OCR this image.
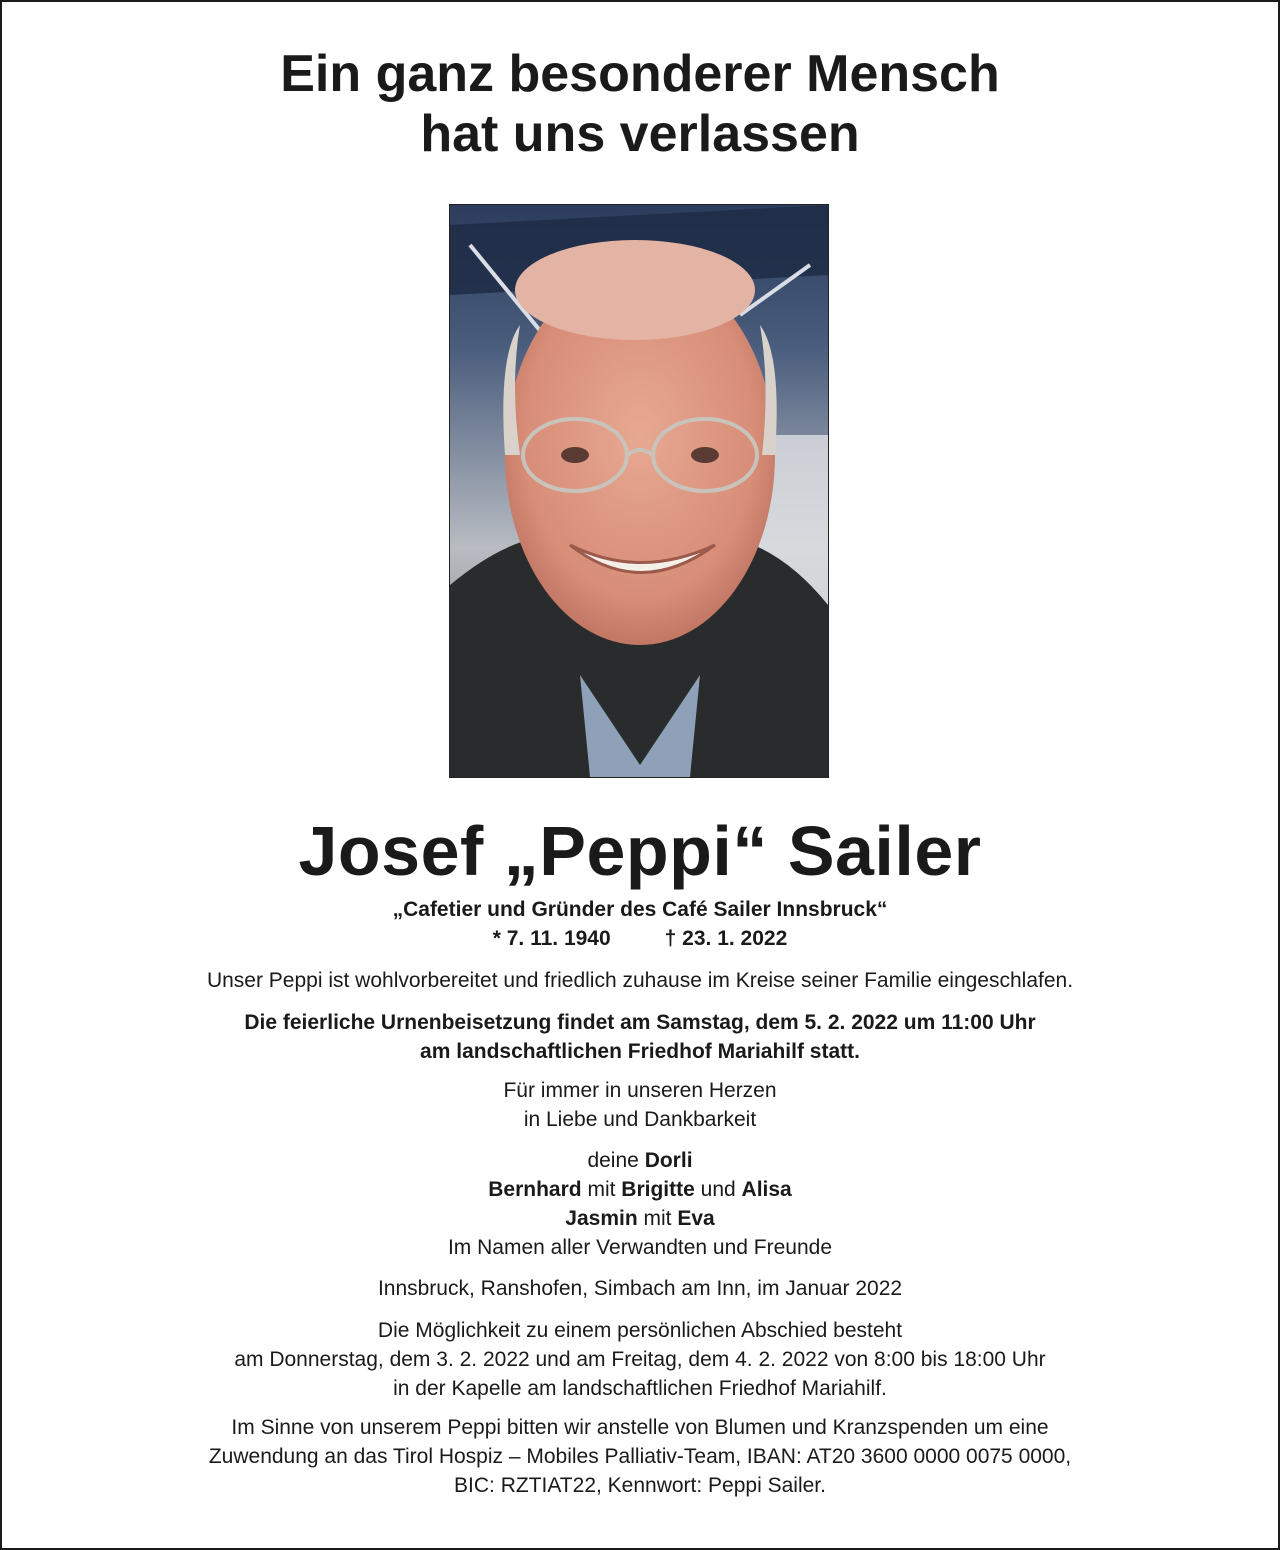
Ein ganz besonderer Mensch
hat uns verlassen
Josef „Peppi“ Sailer
„Cafetier und Gründer des Café Sailer Innsbruck“
* 7. 11. 1940	† 23. 1. 2022
Unser Peppi ist wohlvorbereitet und friedlich zuhause im Kreise seiner Familie eingeschlafen.
Die feierliche Urnenbeisetzung findet am Samstag, dem 5. 2. 2022 um 11:00 Uhr
am landschaftlichen Friedhof Mariahilf statt.
Für immer in unseren Herzen
in Liebe und Dankbarkeit
deine Dorli
Bernhard mit Brigitte und Alisa
Jasmin mit Eva
Im Namen aller Verwandten und Freunde
Innsbruck, Ranshofen, Simbach am Inn, im Januar 2022
Die Möglichkeit zu einem persönlichen Abschied besteht
am Donnerstag, dem 3. 2. 2022 und am Freitag, dem 4. 2. 2022 von 8:00 bis 18:00 Uhr
in der Kapelle am landschaftlichen Friedhof Mariahilf.
Im Sinne von unserem Peppi bitten wir anstelle von Blumen und Kranzspenden um eine
Zuwendung an das Tirol Hospiz – Mobiles Palliativ-Team, IBAN: AT20 3600 0000 0075 0000,
BIC: RZTIAT22, Kennwort: Peppi Sailer.
